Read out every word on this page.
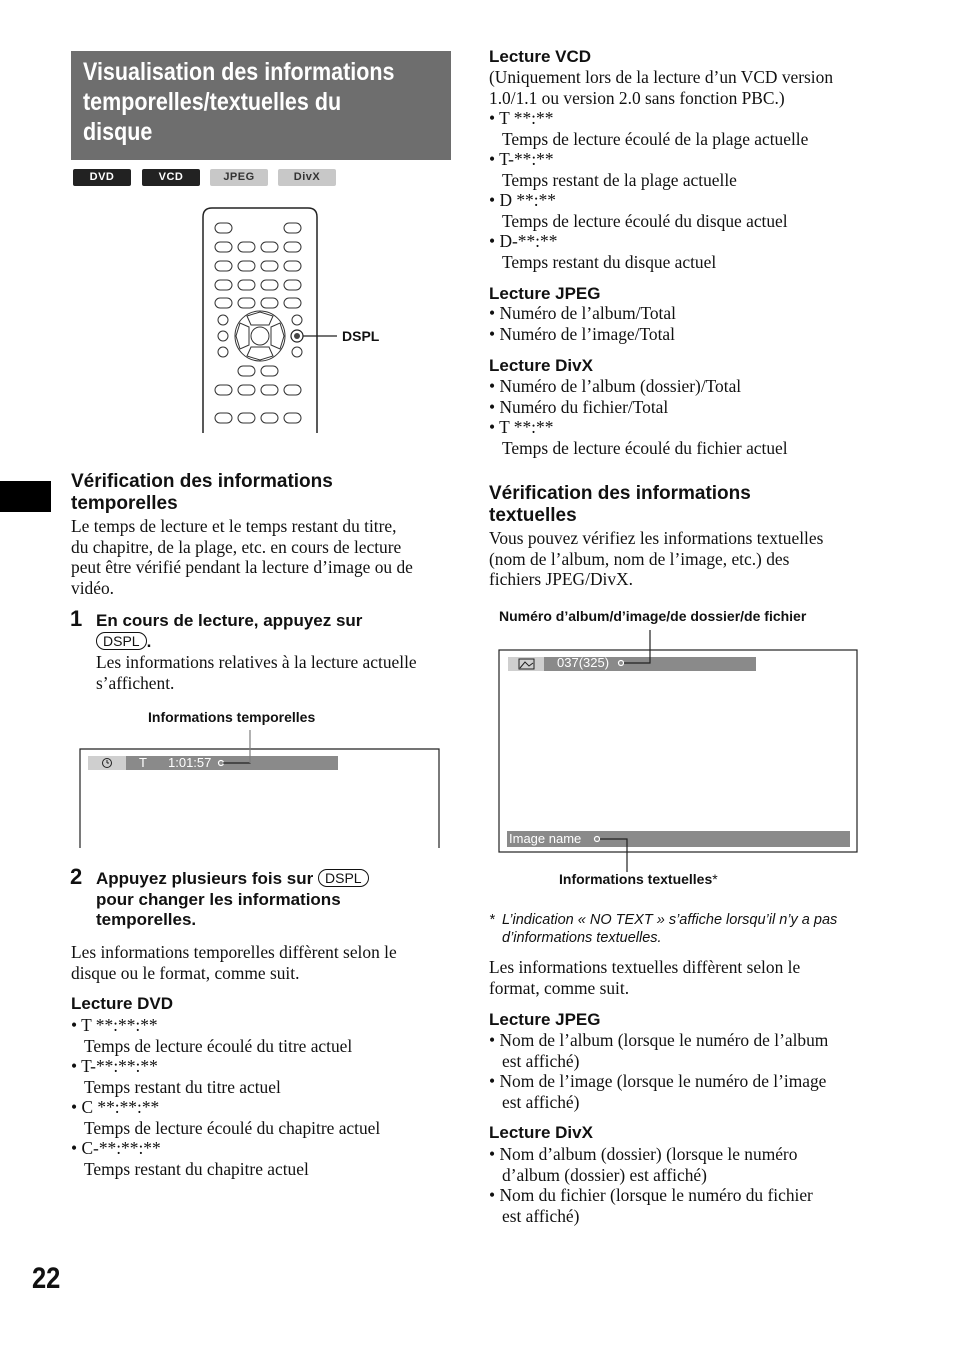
Visualisation des informations
temporelles/textuelles du
disque
DVD	VCD	JPEG	DivX
DSPL
Vérification des informations
temporelles

Le temps de lecture et le temps restant du titre,

du chapitre, de la plage, etc. en cours de lecture

peut être vérifié pendant la lecture d’image ou de

vidéo.

1 En cours de lecture, appuyez sur
DSPL .

Les informations relatives à la lecture actuelle

s’affichent.

Informations temporelles
T 1:01:57
2 Appuyez plusieurs fois sur DSPL
pour changer les informations
temporelles.

Les informations temporelles diffèrent selon le

disque ou le format, comme suit.

Lecture DVD
• T **:**:**
Temps de lecture écoulé du titre actuel
• T-**:**:**
Temps restant du titre actuel
• C **:**:**
Temps de lecture écoulé du chapitre actuel
• C-**:**:**
Temps restant du chapitre actuel
Lecture VCD
(Uniquement lors de la lecture d’un VCD version
1.0/1.1 ou version 2.0 sans fonction PBC.)
• T **:**
Temps de lecture écoulé de la plage actuelle
• T-**:**
Temps restant de la plage actuelle
• D **:**
Temps de lecture écoulé du disque actuel
• D-**:**
Temps restant du disque actuel
Lecture JPEG
• Numéro de l’album/Total
• Numéro de l’image/Total
Lecture DivX
• Numéro de l’album (dossier)/Total
• Numéro du fichier/Total
• T **:**
Temps de lecture écoulé du fichier actuel
Vérification des informations
textuelles

Vous pouvez vérifiez les informations textuelles

(nom de l’album, nom de l’image, etc.) des

fichiers JPEG/DivX.

Numéro d’album/d’image/de dossier/de fichier
037(325)
Image name
Informations textuelles*
* L’indication « NO TEXT » s’affiche lorsqu’il n’y a pas
d’informations textuelles.

Les informations textuelles diffèrent selon le

format, comme suit.

Lecture JPEG
• Nom de l’album (lorsque le numéro de l’album
est affiché)
• Nom de l’image (lorsque le numéro de l’image
est affiché)
Lecture DivX
• Nom d’album (dossier) (lorsque le numéro
d’album (dossier) est affiché)
• Nom du fichier (lorsque le numéro du fichier
est affiché)
22
